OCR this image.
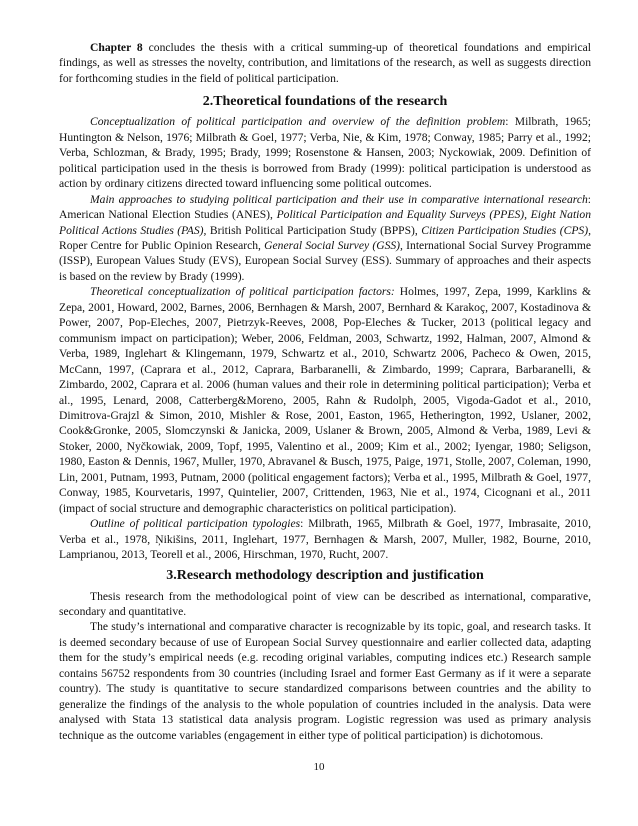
Chapter 8 concludes the thesis with a critical summing-up of theoretical foundations and empirical findings, as well as stresses the novelty, contribution, and limitations of the research, as well as suggests direction for forthcoming studies in the field of political participation.

2.Theoretical foundations of the research

Conceptualization of political participation and overview of the definition problem: Milbrath, 1965; Huntington & Nelson, 1976; Milbrath & Goel, 1977; Verba, Nie, & Kim, 1978; Conway, 1985; Parry et al., 1992; Verba, Schlozman, & Brady, 1995; Brady, 1999; Rosenstone & Hansen, 2003; Nyckowiak, 2009. Definition of political participation used in the thesis is borrowed from Brady (1999): political participation is understood as action by ordinary citizens directed toward influencing some political outcomes.

Main approaches to studying political participation and their use in comparative international research: American National Election Studies (ANES), Political Participation and Equality Surveys (PPES), Eight Nation Political Actions Studies (PAS), British Political Participation Study (BPPS), Citizen Participation Studies (CPS), Roper Centre for Public Opinion Research, General Social Survey (GSS), International Social Survey Programme (ISSP), European Values Study (EVS), European Social Survey (ESS). Summary of approaches and their aspects is based on the review by Brady (1999).

Theoretical conceptualization of political participation factors: Holmes, 1997, Zepa, 1999, Karklins & Zepa, 2001, Howard, 2002, Barnes, 2006, Bernhagen & Marsh, 2007, Bernhard & Karakoç, 2007, Kostadinova & Power, 2007, Pop-Eleches, 2007, Pietrzyk-Reeves, 2008, Pop-Eleches & Tucker, 2013 (political legacy and communism impact on participation); Weber, 2006, Feldman, 2003, Schwartz, 1992, Halman, 2007, Almond & Verba, 1989, Inglehart & Klingemann, 1979, Schwartz et al., 2010, Schwartz 2006, Pacheco & Owen, 2015, McCann, 1997, (Caprara et al., 2012, Caprara, Barbaranelli, & Zimbardo, 1999; Caprara, Barbaranelli, & Zimbardo, 2002, Caprara et al. 2006 (human values and their role in determining political participation); Verba et al., 1995, Lenard, 2008, Catterberg&Moreno, 2005, Rahn & Rudolph, 2005, Vigoda-Gadot et al., 2010, Dimitrova-Grajzl & Simon, 2010, Mishler & Rose, 2001, Easton, 1965, Hetherington, 1992, Uslaner, 2002, Cook&Gronke, 2005, Slomczynski & Janicka, 2009, Uslaner & Brown, 2005, Almond & Verba, 1989, Levi & Stoker, 2000, Nyčkowiak, 2009, Topf, 1995, Valentino et al., 2009; Kim et al., 2002; Iyengar, 1980; Seligson, 1980, Easton & Dennis, 1967, Muller, 1970, Abravanel & Busch, 1975, Paige, 1971, Stolle, 2007, Coleman, 1990, Lin, 2001, Putnam, 1993, Putnam, 2000 (political engagement factors); Verba et al., 1995, Milbrath & Goel, 1977, Conway, 1985, Kourvetaris, 1997, Quintelier, 2007, Crittenden, 1963, Nie et al., 1974, Cicognani et al., 2011 (impact of social structure and demographic characteristics on political participation).

Outline of political participation typologies: Milbrath, 1965, Milbrath & Goel, 1977, Imbrasaite, 2010, Verba et al., 1978, Ņikišins, 2011, Inglehart, 1977, Bernhagen & Marsh, 2007, Muller, 1982, Bourne, 2010, Lamprianou, 2013, Teorell et al., 2006, Hirschman, 1970, Rucht, 2007.

3.Research methodology description and justification

Thesis research from the methodological point of view can be described as international, comparative, secondary and quantitative.

The study’s international and comparative character is recognizable by its topic, goal, and research tasks. It is deemed secondary because of use of European Social Survey questionnaire and earlier collected data, adapting them for the study’s empirical needs (e.g. recoding original variables, computing indices etc.) Research sample contains 56752 respondents from 30 countries (including Israel and former East Germany as if it were a separate country). The study is quantitative to secure standardized comparisons between countries and the ability to generalize the findings of the analysis to the whole population of countries included in the analysis. Data were analysed with Stata 13 statistical data analysis program. Logistic regression was used as primary analysis technique as the outcome variables (engagement in either type of political participation) is dichotomous.

10
